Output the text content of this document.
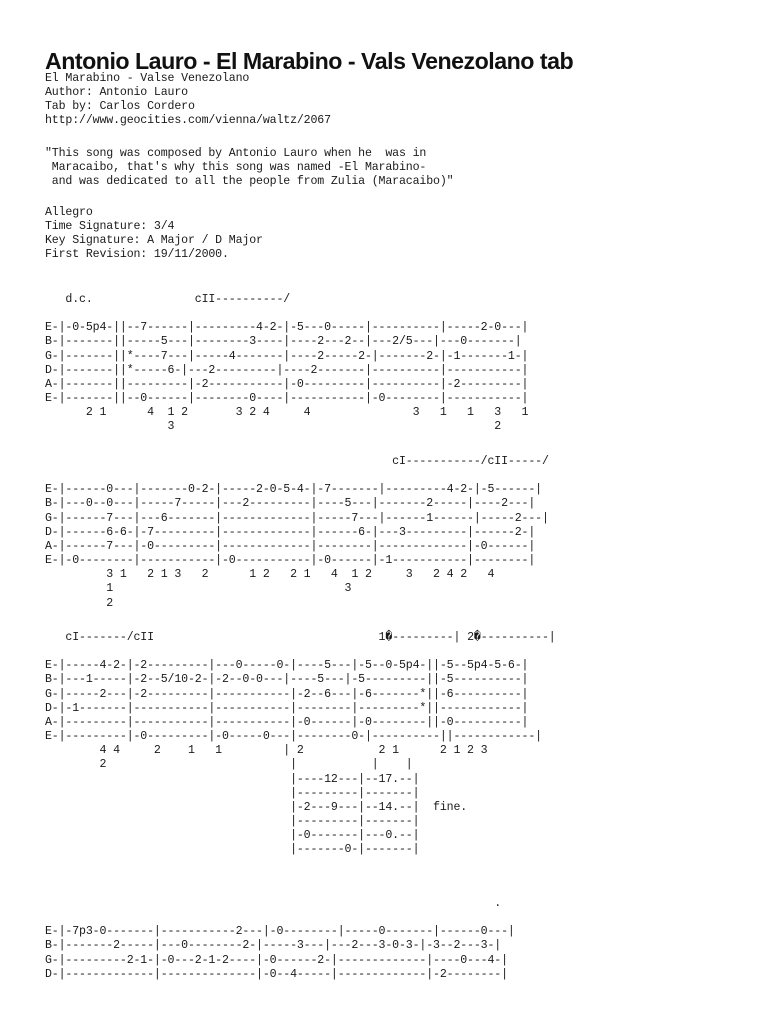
Antonio Lauro - El Marabino - Vals Venezolano tab
El Marabino - Valse Venezolano
Author: Antonio Lauro
Tab by: Carlos Cordero
http://www.geocities.com/vienna/waltz/2067
"This song was composed by Antonio Lauro when he  was in
Maracaibo, that's why this song was named -El Marabino-
and was dedicated to all the people from Zulia (Maracaibo)"
Allegro
Time Signature: 3/4
Key Signature: A Major / D Major
First Revision: 19/11/2000.
d.c.               cII----------/

E-|-0-5p4-||--7------|---------4-2-|-5---0-----|----------|-----2-0---|
B-|-------||-----5---|--------3----|----2---2--|---2/5---|---0-------|
G-|-------||*----7---|-----4-------|----2-----2-|-------2-|-1-------1-|
D-|-------||*-----6-|---2---------|----2-------|----------|-----------|
A-|-------||---------|-2-----------|-0---------|----------|-2---------|
E-|-------||--0------|--------0----|-----------|-0--------|-----------|
2 1      4  1 2       3 2 4     4               3   1   1   3   1
3                                               2
cI-----------/cII-----/

E-|------0---|-------0-2-|-----2-0-5-4-|-7-------|---------4-2-|-5------|
B-|---0--0---|-----7-----|---2---------|----5---|-------2-----|----2---|
G-|------7---|---6-------|-------------|-----7---|------1------|-----2---|
D-|------6-6-|-7---------|-------------|------6-|---3---------|------2-|
A-|------7---|-0---------|-------------|--------|-------------|-0------|
E-|-0--------|-----------|-0-----------|-0------|-1-----------|--------|
3 1   2 1 3   2      1 2   2 1   4  1 2     3   2 4 2   4
1                                  3
2
cI-------/cII                                 1�---------| 2�----------|

E-|-----4-2-|-2---------|---0-----0-|----5---|-5--0-5p4-||-5--5p4-5-6-|
B-|---1-----|-2--5/10-2-|-2--0-0---|----5---|-5---------||-5----------|
G-|-----2---|-2---------|-----------|-2--6---|-6-------*||-6----------|
D-|-1-------|-----------|-----------|--------|---------*||------------|
A-|---------|-----------|-----------|-0------|-0--------||-0----------|
E-|---------|-0---------|-0-----0---|--------0-|----------||------------|
4 4     2    1   1         | 2           2 1      2 1 2 3
2                           |           |    |
|----12---|--17.--|
|---------|-------|
|-2---9---|--14.--|  fine.
|---------|-------|
|-0-------|---0.--|
|-------0-|-------|
.

E-|-7p3-0-------|-----------2---|-0--------|-----0-------|------0---|
B-|-------2-----|---0--------2-|-----3---|---2---3-0-3-|-3--2---3-|
G-|---------2-1-|-0---2-1-2----|-0------2-|-------------|----0---4-|
D-|-------------|--------------|-0--4-----|-------------|-2--------|
